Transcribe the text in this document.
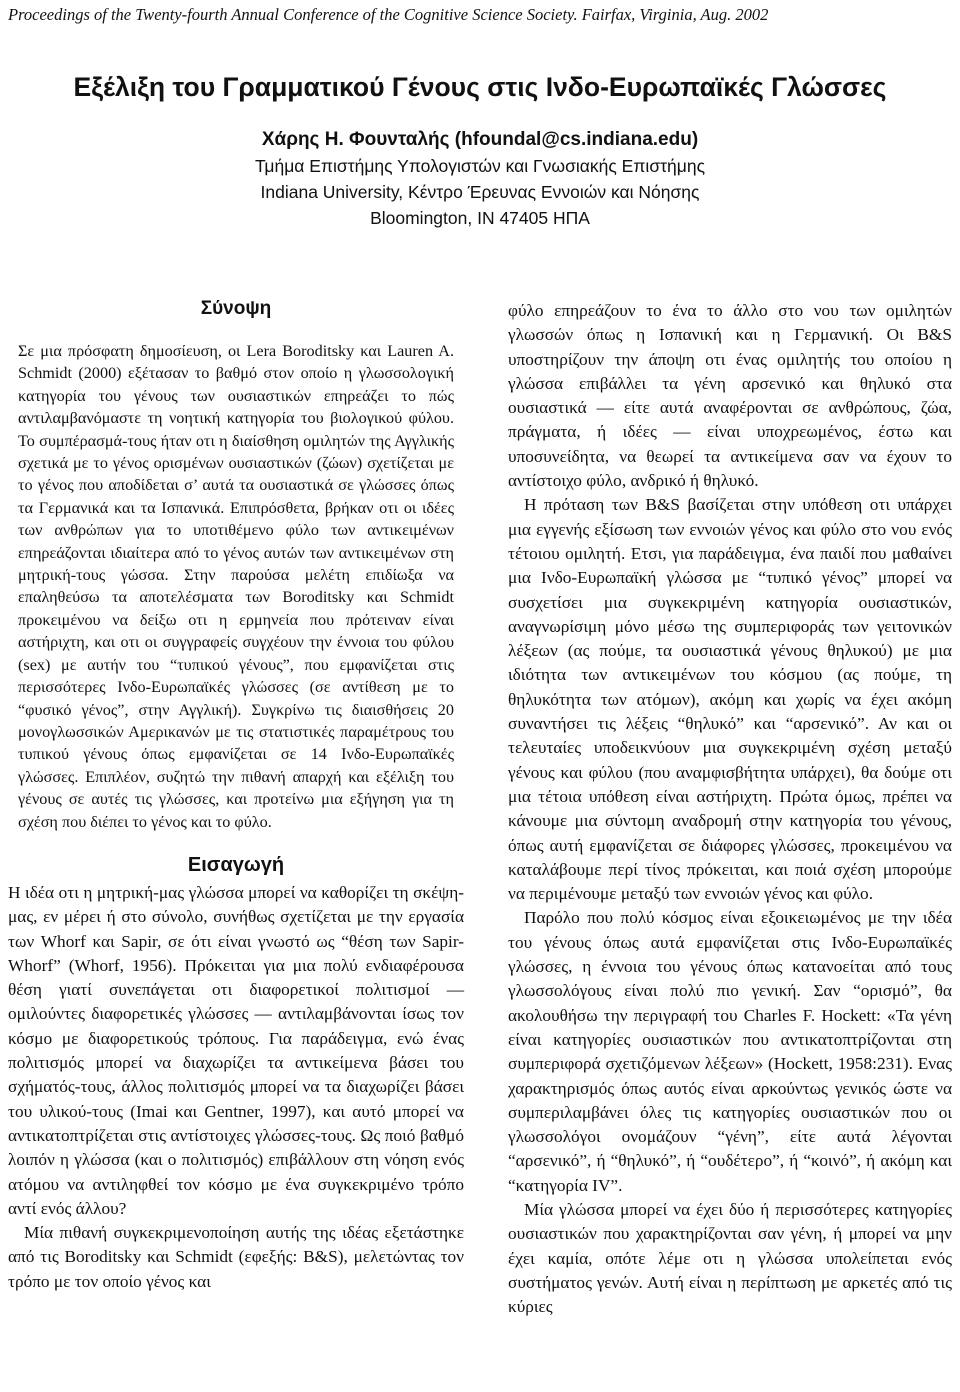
Proceedings of the Twenty-fourth Annual Conference of the Cognitive Science Society. Fairfax, Virginia, Aug. 2002
Εξέλιξη του Γραμματικού Γένους στις Ινδο-Ευρωπαϊκές Γλώσσες
Χάρης Η. Φουνταλής (hfoundal@cs.indiana.edu)
Τμήμα Επιστήμης Υπολογιστών και Γνωσιακής Επιστήμης
Indiana University, Κέντρο Έρευνας Εννοιών και Νόησης
Bloomington, IN 47405 ΗΠΑ
Σύνοψη

Σε μια πρόσφατη δημοσίευση, οι Lera Boroditsky και Lauren A. Schmidt (2000) εξέτασαν το βαθμό στον οποίο η γλωσσολογική κατηγορία του γένους των ουσιαστικών επηρεάζει το πώς αντιλαμβανόμαστε τη νοητική κατηγορία του βιολογικού φύλου. Το συμπέρασμά-τους ήταν οτι η διαίσθηση ομιλητών της Αγγλικής σχετικά με το γένος ορισμένων ουσιαστικών (ζώων) σχετίζεται με το γένος που αποδίδεται σ’ αυτά τα ουσιαστικά σε γλώσσες όπως τα Γερμανικά και τα Ισπανικά. Επιπρόσθετα, βρήκαν οτι οι ιδέες των ανθρώπων για το υποτιθέμενο φύλο των αντικειμένων επηρεάζονται ιδιαίτερα από το γένος αυτών των αντικειμένων στη μητρική-τους γώσσα. Στην παρούσα μελέτη επιδίωξα να επαληθεύσω τα αποτελέσματα των Boroditsky και Schmidt προκειμένου να δείξω οτι η ερμηνεία που πρότειναν είναι αστήριχτη, και οτι οι συγγραφείς συγχέουν την έννοια του φύλου (sex) με αυτήν του “τυπικού γένους”, που εμφανίζεται στις περισσότερες Ινδο-Ευρωπαϊκές γλώσσες (σε αντίθεση με το “φυσικό γένος”, στην Αγγλική). Συγκρίνω τις διαισθήσεις 20 μονογλωσσικών Αμερικανών με τις στατιστικές παραμέτρους του τυπικού γένους όπως εμφανίζεται σε 14 Ινδο-Ευρωπαϊκές γλώσσες. Επιπλέον, συζητώ την πιθανή απαρχή και εξέλιξη του γένους σε αυτές τις γλώσσες, και προτείνω μια εξήγηση για τη σχέση που διέπει το γένος και το φύλο.

Εισαγωγή

Η ιδέα οτι η μητρική-μας γλώσσα μπορεί να καθορίζει τη σκέψη-μας, εν μέρει ή στο σύνολο, συνήθως σχετίζεται με την εργασία των Whorf και Sapir, σε ότι είναι γνωστό ως “θέση των Sapir-Whorf” (Whorf, 1956). Πρόκειται για μια πολύ ενδιαφέρουσα θέση γιατί συνεπάγεται οτι διαφορετικοί πολιτισμοί — ομιλούντες διαφορετικές γλώσσες — αντιλαμβάνονται ίσως τον κόσμο με διαφορετικούς τρόπους. Για παράδειγμα, ενώ ένας πολιτισμός μπορεί να διαχωρίζει τα αντικείμενα βάσει του σχήματός-τους, άλλος πολιτισμός μπορεί να τα διαχωρίζει βάσει του υλικού-τους (Imai και Gentner, 1997), και αυτό μπορεί να αντικατοπτρίζεται στις αντίστοιχες γλώσσες-τους. Ως ποιό βαθμό λοιπόν η γλώσσα (και ο πολιτισμός) επιβάλλουν στη νόηση ενός ατόμου να αντιληφθεί τον κόσμο με ένα συγκεκριμένο τρόπο αντί ενός άλλου?

Μία πιθανή συγκεκριμενοποίηση αυτής της ιδέας εξετάστηκε από τις Boroditsky και Schmidt (εφεξής: B&S), μελετώντας τον τρόπο με τον οποίο γένος και

φύλο επηρεάζουν το ένα το άλλο στο νου των ομιλητών γλωσσών όπως η Ισπανική και η Γερμανική. Οι B&S υποστηρίζουν την άποψη οτι ένας ομιλητής του οποίου η γλώσσα επιβάλλει τα γένη αρσενικό και θηλυκό στα ουσιαστικά — είτε αυτά αναφέρονται σε ανθρώπους, ζώα, πράγματα, ή ιδέες — είναι υποχρεωμένος, έστω και υποσυνείδητα, να θεωρεί τα αντικείμενα σαν να έχουν το αντίστοιχο φύλο, ανδρικό ή θηλυκό.

Η πρόταση των B&S βασίζεται στην υπόθεση οτι υπάρχει μια εγγενής εξίσωση των εννοιών γένος και φύλο στο νου ενός τέτοιου ομιλητή. Ετσι, για παράδειγμα, ένα παιδί που μαθαίνει μια Ινδο-Ευρωπαϊκή γλώσσα με “τυπικό γένος” μπορεί να συσχετίσει μια συγκεκριμένη κατηγορία ουσιαστικών, αναγνωρίσιμη μόνο μέσω της συμπεριφοράς των γειτονικών λέξεων (ας πούμε, τα ουσιαστικά γένους θηλυκού) με μια ιδιότητα των αντικειμένων του κόσμου (ας πούμε, τη θηλυκότητα των ατόμων), ακόμη και χωρίς να έχει ακόμη συναντήσει τις λέξεις “θηλυκό” και “αρσενικό”. Αν και οι τελευταίες υποδεικνύουν μια συγκεκριμένη σχέση μεταξύ γένους και φύλου (που αναμφισβήτητα υπάρχει), θα δούμε οτι μια τέτοια υπόθεση είναι αστήριχτη. Πρώτα όμως, πρέπει να κάνουμε μια σύντομη αναδρομή στην κατηγορία του γένους, όπως αυτή εμφανίζεται σε διάφορες γλώσσες, προκειμένου να καταλάβουμε περί τίνος πρόκειται, και ποιά σχέση μπορούμε να περιμένουμε μεταξύ των εννοιών γένος και φύλο.

Παρόλο που πολύ κόσμος είναι εξοικειωμένος με την ιδέα του γένους όπως αυτά εμφανίζεται στις Ινδο-Ευρωπαϊκές γλώσσες, η έννοια του γένους όπως κατανοείται από τους γλωσσολόγους είναι πολύ πιο γενική. Σαν “ορισμό”, θα ακολουθήσω την περιγραφή του Charles F. Hockett: «Τα γένη είναι κατηγορίες ουσιαστικών που αντικατοπτρίζονται στη συμπεριφορά σχετιζόμενων λέξεων» (Hockett, 1958:231). Ενας χαρακτηρισμός όπως αυτός είναι αρκούντως γενικός ώστε να συμπεριλαμβάνει όλες τις κατηγορίες ουσιαστικών που οι γλωσσολόγοι ονομάζουν “γένη”, είτε αυτά λέγονται “αρσενικό”, ή “θηλυκό”, ή “ουδέτερο”, ή “κοινό”, ή ακόμη και “κατηγορία IV”.

Μία γλώσσα μπορεί να έχει δύο ή περισσότερες κατηγορίες ουσιαστικών που χαρακτηρίζονται σαν γένη, ή μπορεί να μην έχει καμία, οπότε λέμε οτι η γλώσσα υπολείπεται ενός συστήματος γενών. Αυτή είναι η περίπτωση με αρκετές από τις κύριες
